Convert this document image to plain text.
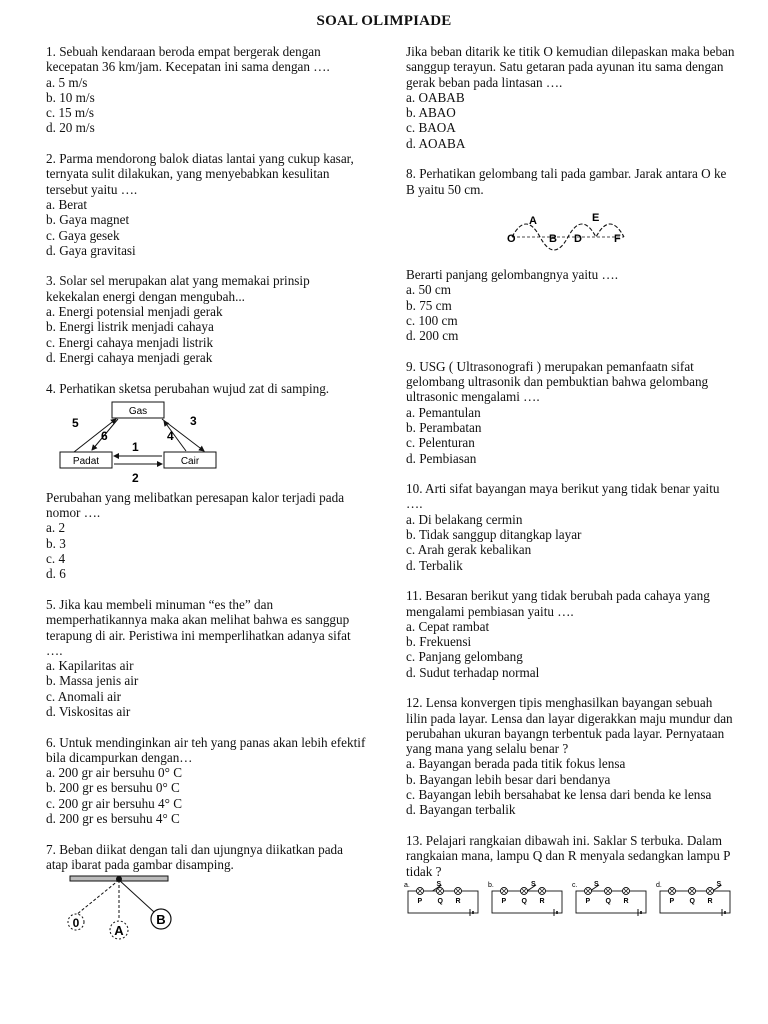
SOAL OLIMPIADE

1. Sebuah kendaraan beroda empat bergerak dengan kecepatan 36 km/jam. Kecepatan ini sama dengan ….

a. 5 m/s

b. 10 m/s

c. 15 m/s

d. 20 m/s

2. Parma mendorong balok diatas lantai yang cukup kasar, ternyata sulit dilakukan, yang menyebabkan kesulitan tersebut yaitu ….

a. Berat

b. Gaya magnet

c. Gaya gesek

d. Gaya gravitasi

3. Solar sel merupakan alat yang memakai prinsip kekekalan energi dengan mengubah...

a. Energi potensial menjadi gerak

b. Energi listrik menjadi cahaya

c. Energi cahaya menjadi listrik

d. Energi cahaya menjadi gerak

4. Perhatikan sketsa perubahan wujud zat di samping.

Gas
Padat	Cair
5
6
3
4
1
2

Perubahan yang melibatkan peresapan kalor terjadi pada nomor ….

a. 2

b. 3

c. 4

d. 6

5. Jika kau membeli minuman “es the” dan memperhatikannya maka akan melihat bahwa es sanggup terapung di air. Peristiwa ini memperlihatkan adanya sifat ….

a. Kapilaritas air

b. Massa jenis air

c. Anomali air

d. Viskositas air

6. Untuk mendinginkan air teh yang panas akan lebih efektif bila dicampurkan dengan…

a. 200 gr air bersuhu 0° C

b. 200 gr es bersuhu 0° C

c. 200 gr air bersuhu 4° C

d. 200 gr es bersuhu 4° C

7. Beban diikat dengan tali dan ujungnya diikatkan pada atap ibarat pada gambar disamping.

0	A
B

Jika beban ditarik ke titik O kemudian dilepaskan maka beban sanggup terayun. Satu getaran pada ayunan itu sama dengan gerak beban pada lintasan ….

a. OABAB

b. ABAO

c. BAOA

d. AOABA

8. Perhatikan gelombang tali pada gambar. Jarak antara O ke B yaitu 50 cm.

O
A
B D
E
F

Berarti panjang gelombangnya yaitu ….

a. 50 cm

b. 75 cm

c. 100 cm

d. 200 cm

9. USG ( Ultrasonografi ) merupakan pemanfaatn sifat gelombang ultrasonik dan pembuktian bahwa gelombang ultrasonic mengalami ….

a. Pemantulan

b. Perambatan

c. Pelenturan

d. Pembiasan

10. Arti sifat bayangan maya berikut yang tidak benar yaitu ….

a. Di belakang cermin

b. Tidak sanggup ditangkap layar

c. Arah gerak kebalikan

d. Terbalik

11. Besaran berikut yang tidak berubah pada cahaya yang mengalami pembiasan yaitu ….

a. Cepat rambat

b. Frekuensi

c. Panjang gelombang

d. Sudut terhadap normal

12. Lensa konvergen tipis menghasilkan bayangan sebuah lilin pada layar. Lensa dan layar digerakkan maju mundur dan perubahan ukuran bayangn terbentuk pada layar. Pernyataan yang mana yang selalu benar ?

a. Bayangan berada pada titik fokus lensa

b. Bayangan lebih besar dari bendanya

c. Bayangan lebih bersahabat ke lensa dari benda ke lensa

d. Bayangan terbalik

13. Pelajari rangkaian dibawah ini. Saklar S terbuka. Dalam rangkaian mana, lampu Q dan R menyala sedangkan lampu P tidak ?

a.	S
P Q R
b.	S
P Q R
c. S
P Q R
d.	S
P Q R
